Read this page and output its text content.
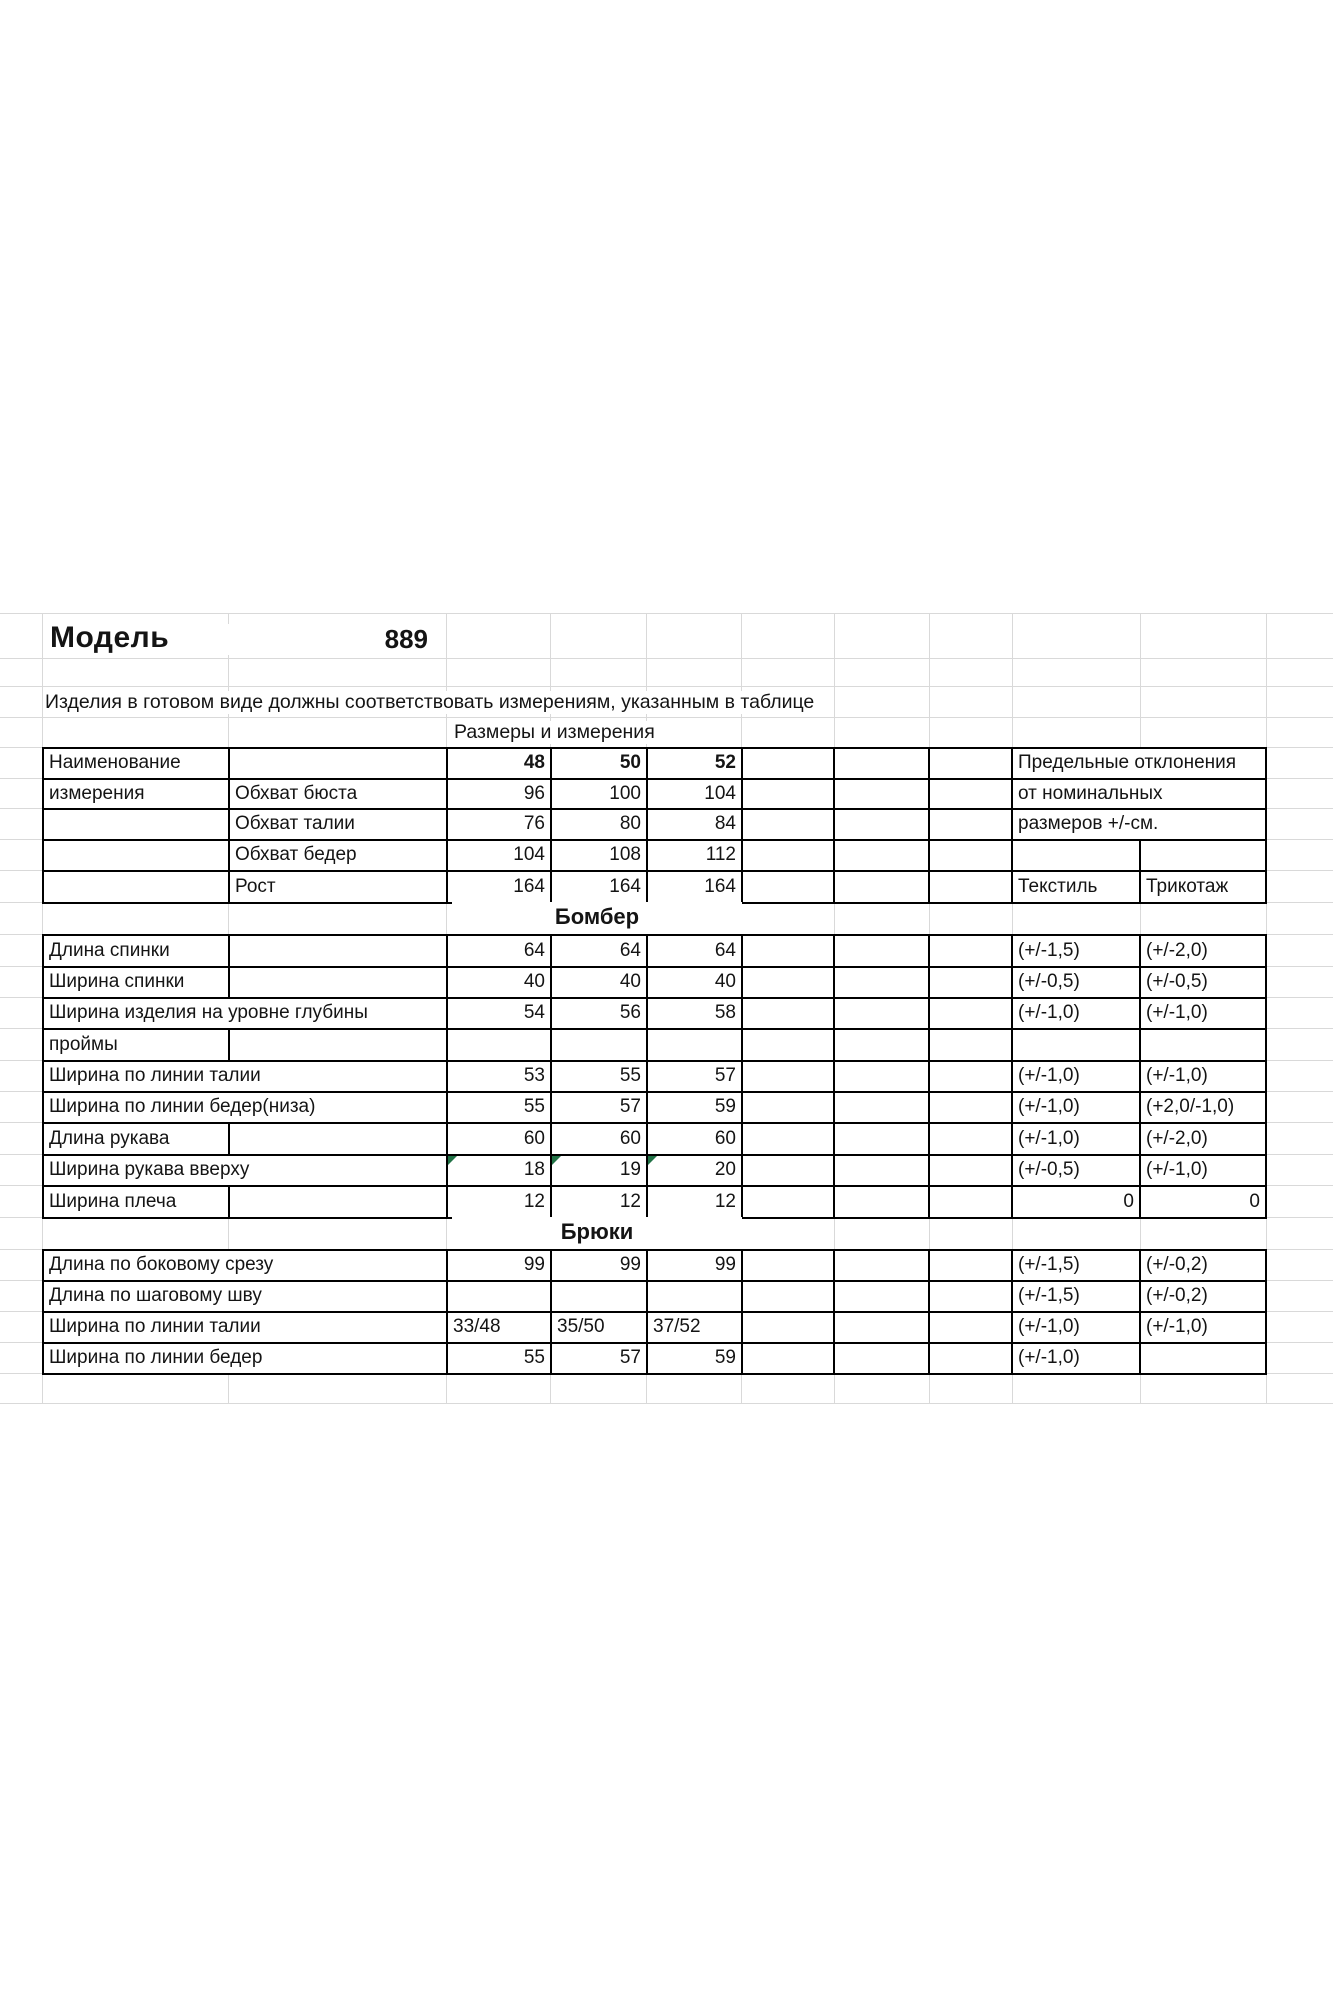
Модель	889
Изделия в готовом виде должны соответствовать измерениям, указанным в таблице
Размеры и измерения
Наименование		48	50	52				Предельные отклонения	
измерения	Обхват бюста	96	100	104				от номинальных	
	Обхват талии	76	80	84				размеров +/-см.	
	Обхват бедер	104	108	112					
	Рост	164	164	164				Текстиль	Трикотаж
Бомбер
Длина спинки		64	64	64				(+/-1,5)	(+/-2,0)
Ширина спинки		40	40	40				(+/-0,5)	(+/-0,5)
Ширина изделия на уровне глубины		54	56	58				(+/-1,0)	(+/-1,0)
проймы									
Ширина по линии талии		53	55	57				(+/-1,0)	(+/-1,0)
Ширина по линии бедер(низа)		55	57	59				(+/-1,0)	(+2,0/-1,0)
Длина рукава		60	60	60				(+/-1,0)	(+/-2,0)
Ширина рукава вверху		18	19	20				(+/-0,5)	(+/-1,0)
Ширина плеча		12	12	12				0	0
Брюки
Длина по боковому срезу	99	99	99				(+/-1,5)	(+/-0,2)
Длина по шаговому шву							(+/-1,5)	(+/-0,2)
Ширина по линии талии	33/48	35/50	37/52				(+/-1,0)	(+/-1,0)
Ширина по линии бедер	55	57	59				(+/-1,0)	
